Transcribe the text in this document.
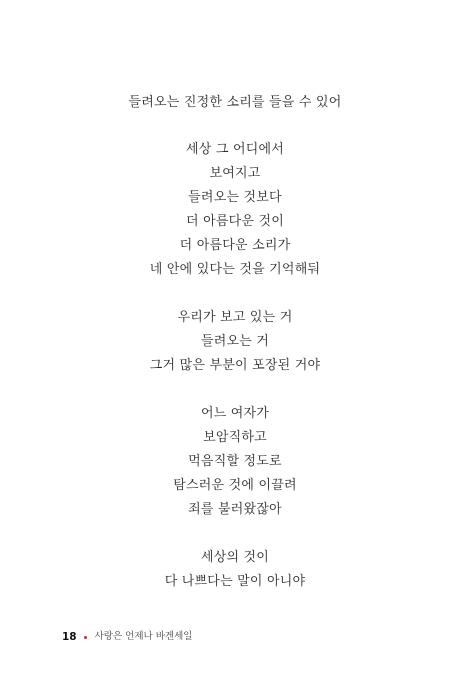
들려오는 진정한 소리를 들을 수 있어
세상 그 어디에서
보여지고
들려오는 것보다
더 아름다운 것이
더 아름다운 소리가
네 안에 있다는 것을 기억해둬
우리가 보고 있는 거
들려오는 거
그거 많은 부분이 포장된 거야
어느 여자가
보암직하고
먹음직할 정도로
탐스러운 것에 이끌려
죄를 불러왔잖아
세상의 것이
다 나쁘다는 말이 아니야
18 사랑은 언제나 바겐세일
